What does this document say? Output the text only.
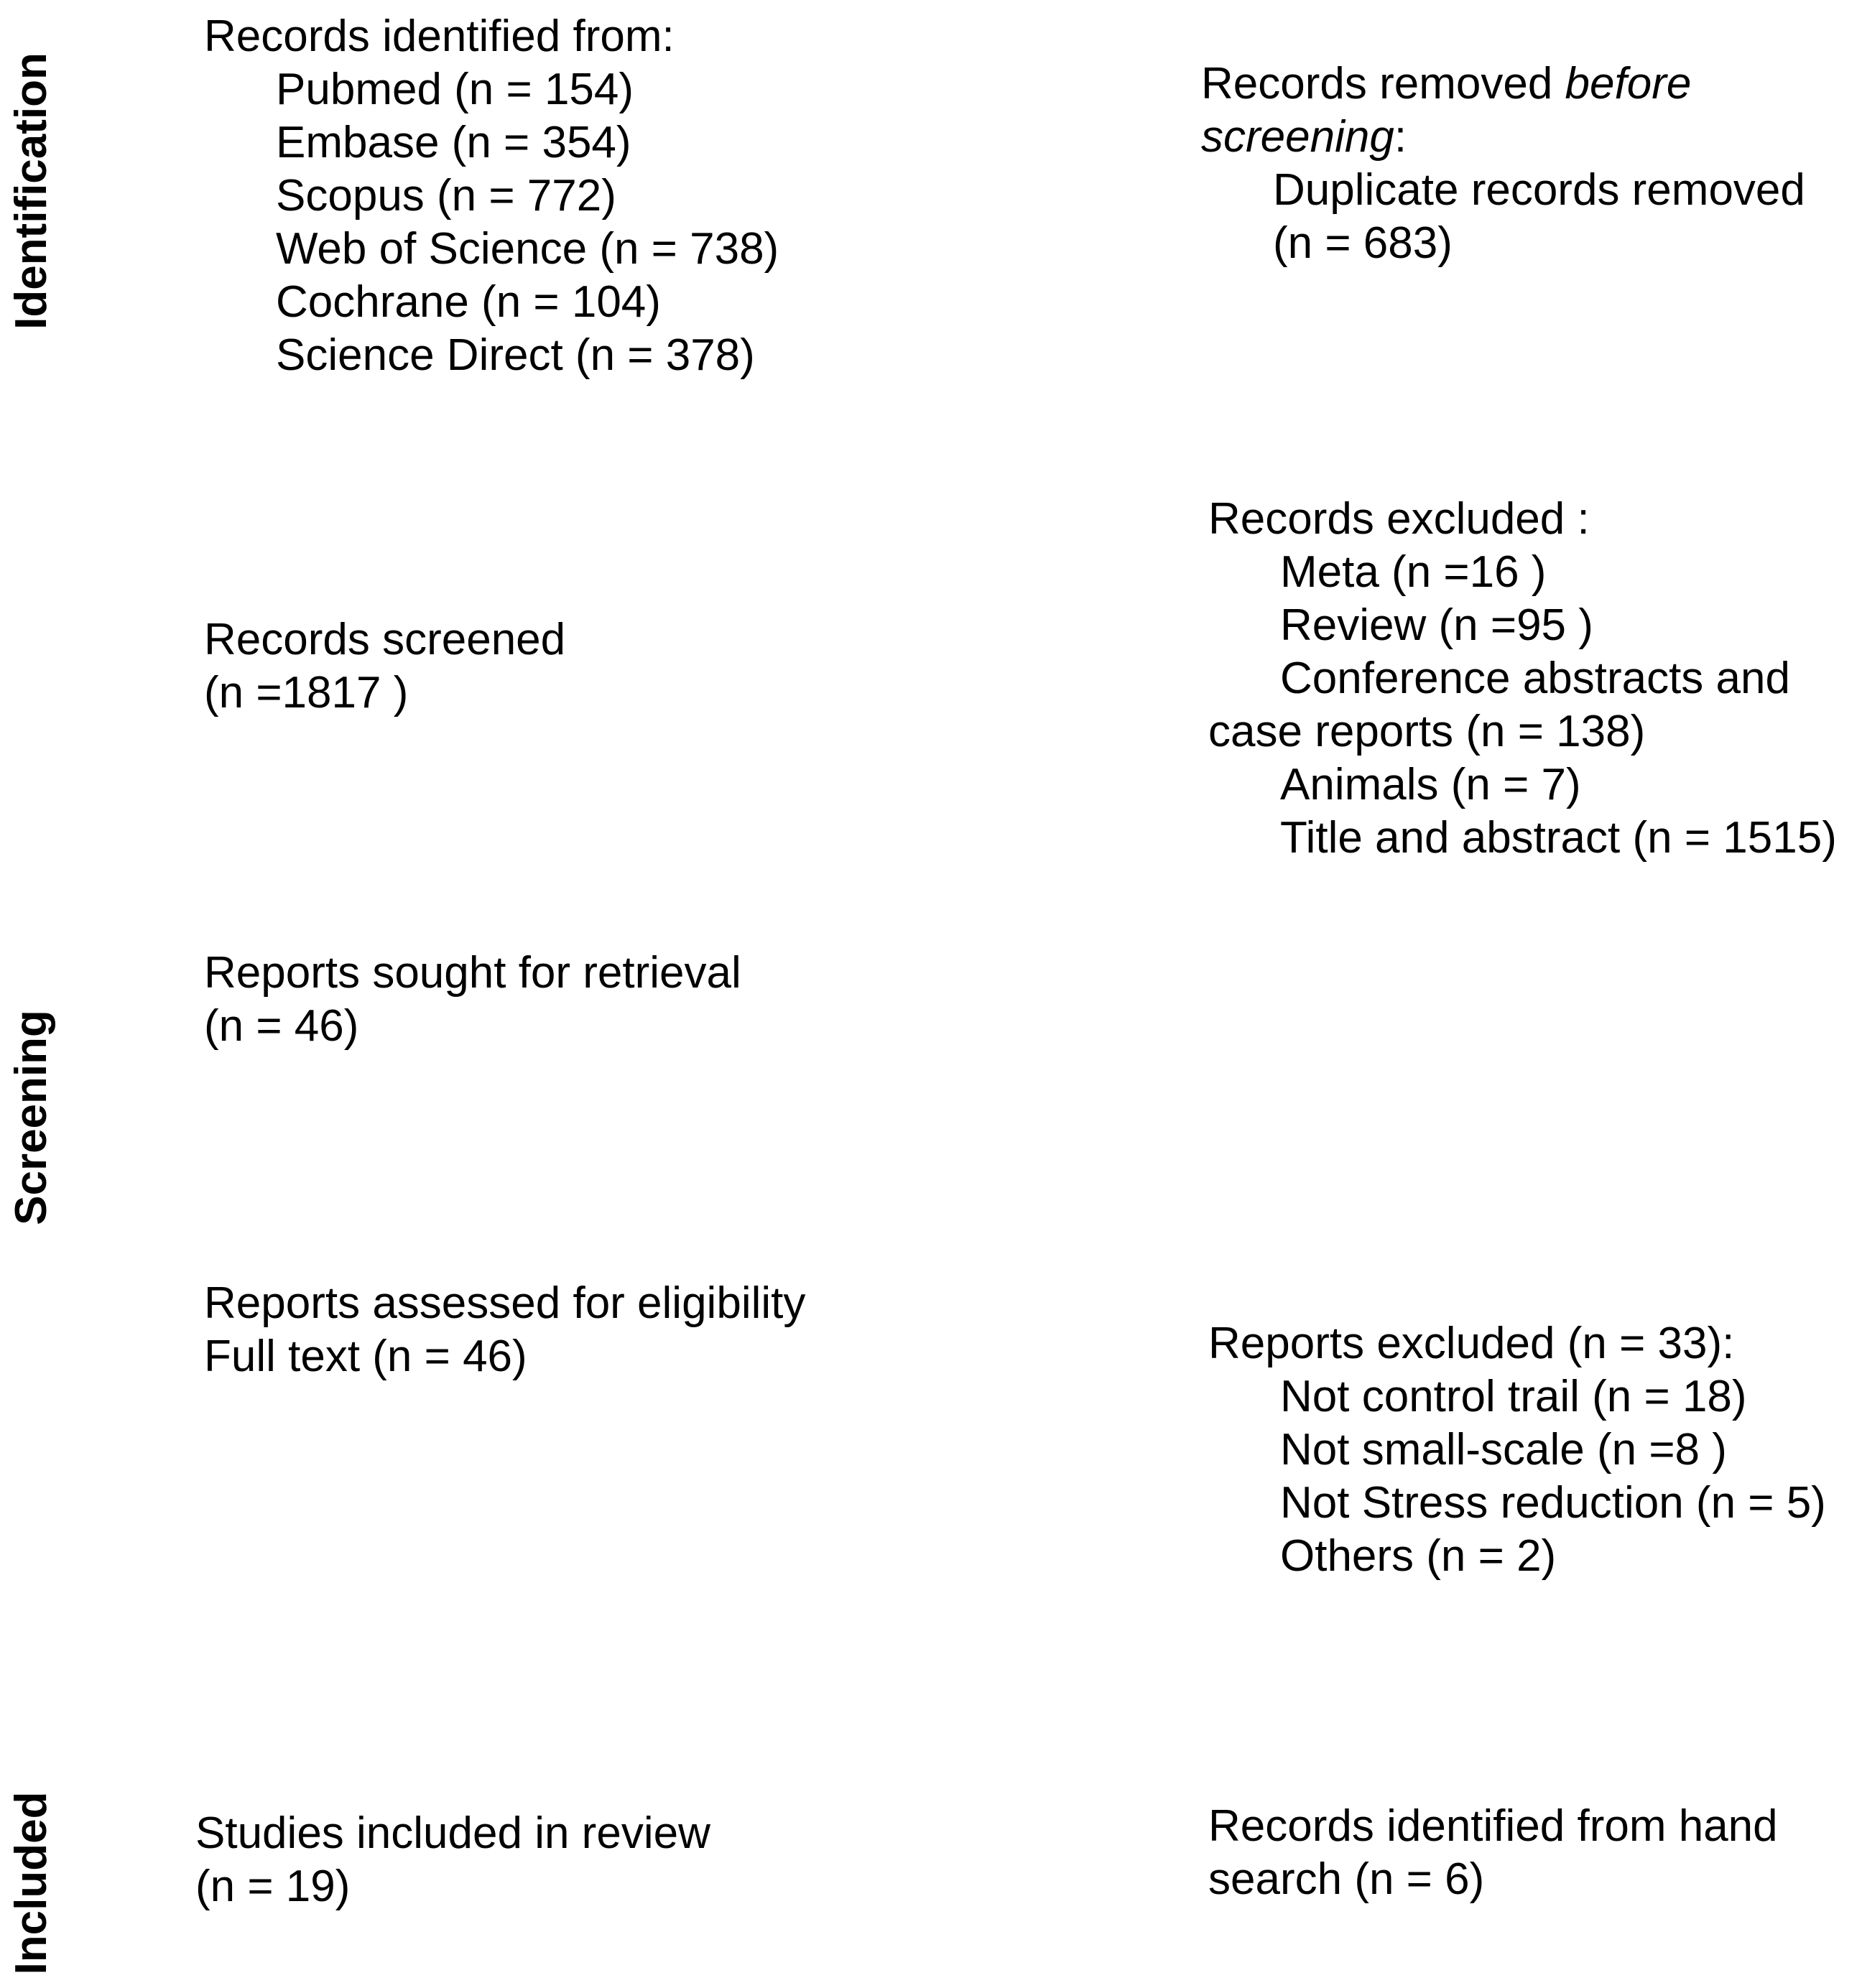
Identification
Screening
Included
Records identified from:
Pubmed (n = 154)
Embase (n = 354)
Scopus (n = 772)
Web of Science (n = 738)
Cochrane (n = 104)
Science Direct (n = 378)
Records removed before
screening:
Duplicate records removed
(n = 683)
Records screened
(n =1817 )
Records excluded :
Meta (n =16 )
Review (n =95 )
Conference abstracts and
case reports (n = 138)
Animals (n = 7)
Title and abstract (n = 1515)
Reports sought for retrieval
(n = 46)
Reports assessed for eligibility
Full text (n = 46)	Reports excluded (n = 33):
Not control trail (n = 18)
Not small-scale (n =8 )
Not Stress reduction (n = 5)
Others (n = 2)
Studies included in review
(n = 19)
Records identified from hand
search (n = 6)
